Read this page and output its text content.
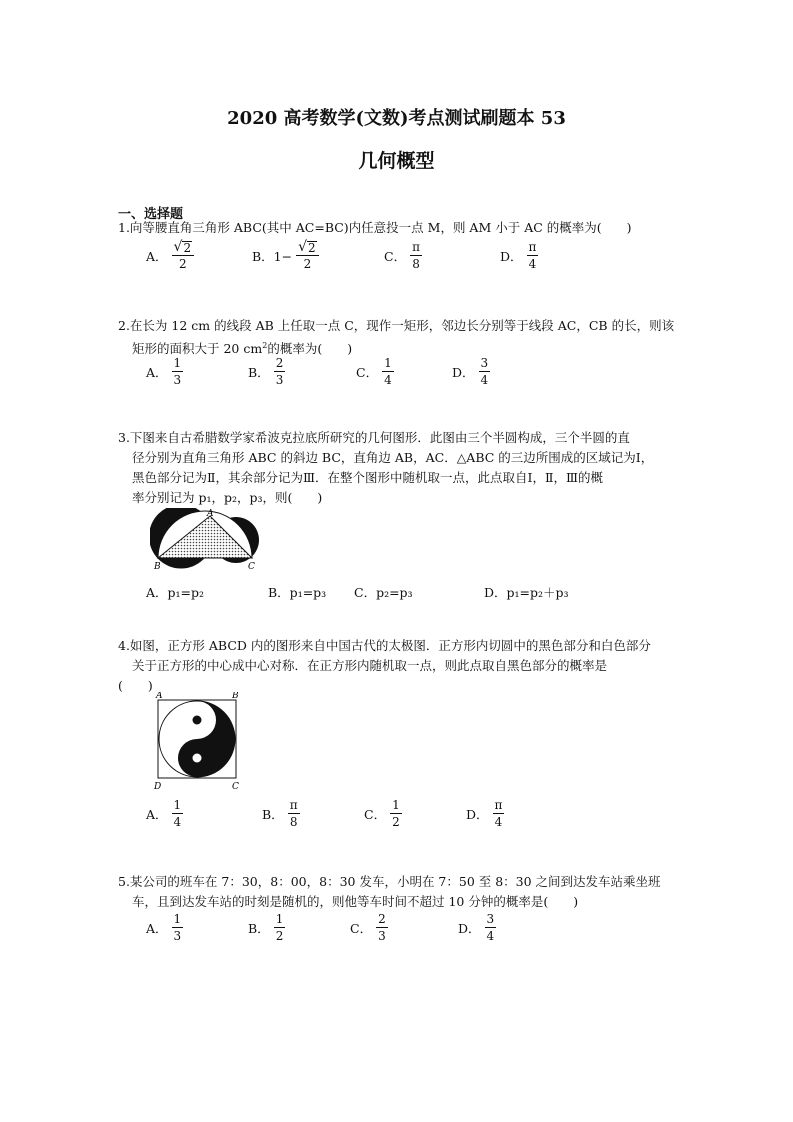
2020 高考数学(文数)考点测试刷题本 53
几何概型
一、选择题
1.向等腰直角三角形 ABC(其中 AC=BC)内任意投一点 M，则 AM 小于 AC 的概率为(　　)
A． $\frac{√ 2}{2}$	B．$1- \frac{√ 2}{2}$	C． $\frac{\pi}{8}$	D． $\frac{\pi}{4}$
2.在长为 12 cm 的线段 AB 上任取一点 C，现作一矩形，邻边长分别等于线段 AC，CB 的长，则该
矩形的面积大于 20 $cm^2$的概率为(　　)
A． $\frac{1}{3}$	B． $\frac{2}{3}$	C． $\frac{1}{4}$	D． $\frac{3}{4}$
3.下图来自古希腊数学家希波克拉底所研究的几何图形．此图由三个半圆构成，三个半圆的直
径分别为直角三角形 ABC 的斜边 BC，直角边 AB，AC．△ABC 的三边所围成的区域记为Ⅰ，
黑色部分记为Ⅱ，其余部分记为Ⅲ．在整个图形中随机取一点，此点取自Ⅰ，Ⅱ，Ⅲ的概
率分别记为 p₁，p₂，p₃，则(　　)
A
B	C
A．p₁=p₂	B．p₁=p₃ C．p₂=p₃	D．p₁=p₂＋p₃
4.如图，正方形 ABCD 内的图形来自中国古代的太极图．正方形内切圆中的黑色部分和白色部分
关于正方形的中心成中心对称．在正方形内随机取一点，则此点取自黑色部分的概率是
(　　)
A	B
C
D
A． $\frac{1}{4}$	B． $\frac{\pi}{8}$	C． $\frac{1}{2}$	D． $\frac{\pi}{4}$
5.某公司的班车在 7：30，8：00，8：30 发车，小明在 7：50 至 8：30 之间到达发车站乘坐班
车，且到达发车站的时刻是随机的，则他等车时间不超过 10 分钟的概率是(　　)
A． $\frac{1}{3}$	B． $\frac{1}{2}$	C． $\frac{2}{3}$	D． $\frac{3}{4}$
